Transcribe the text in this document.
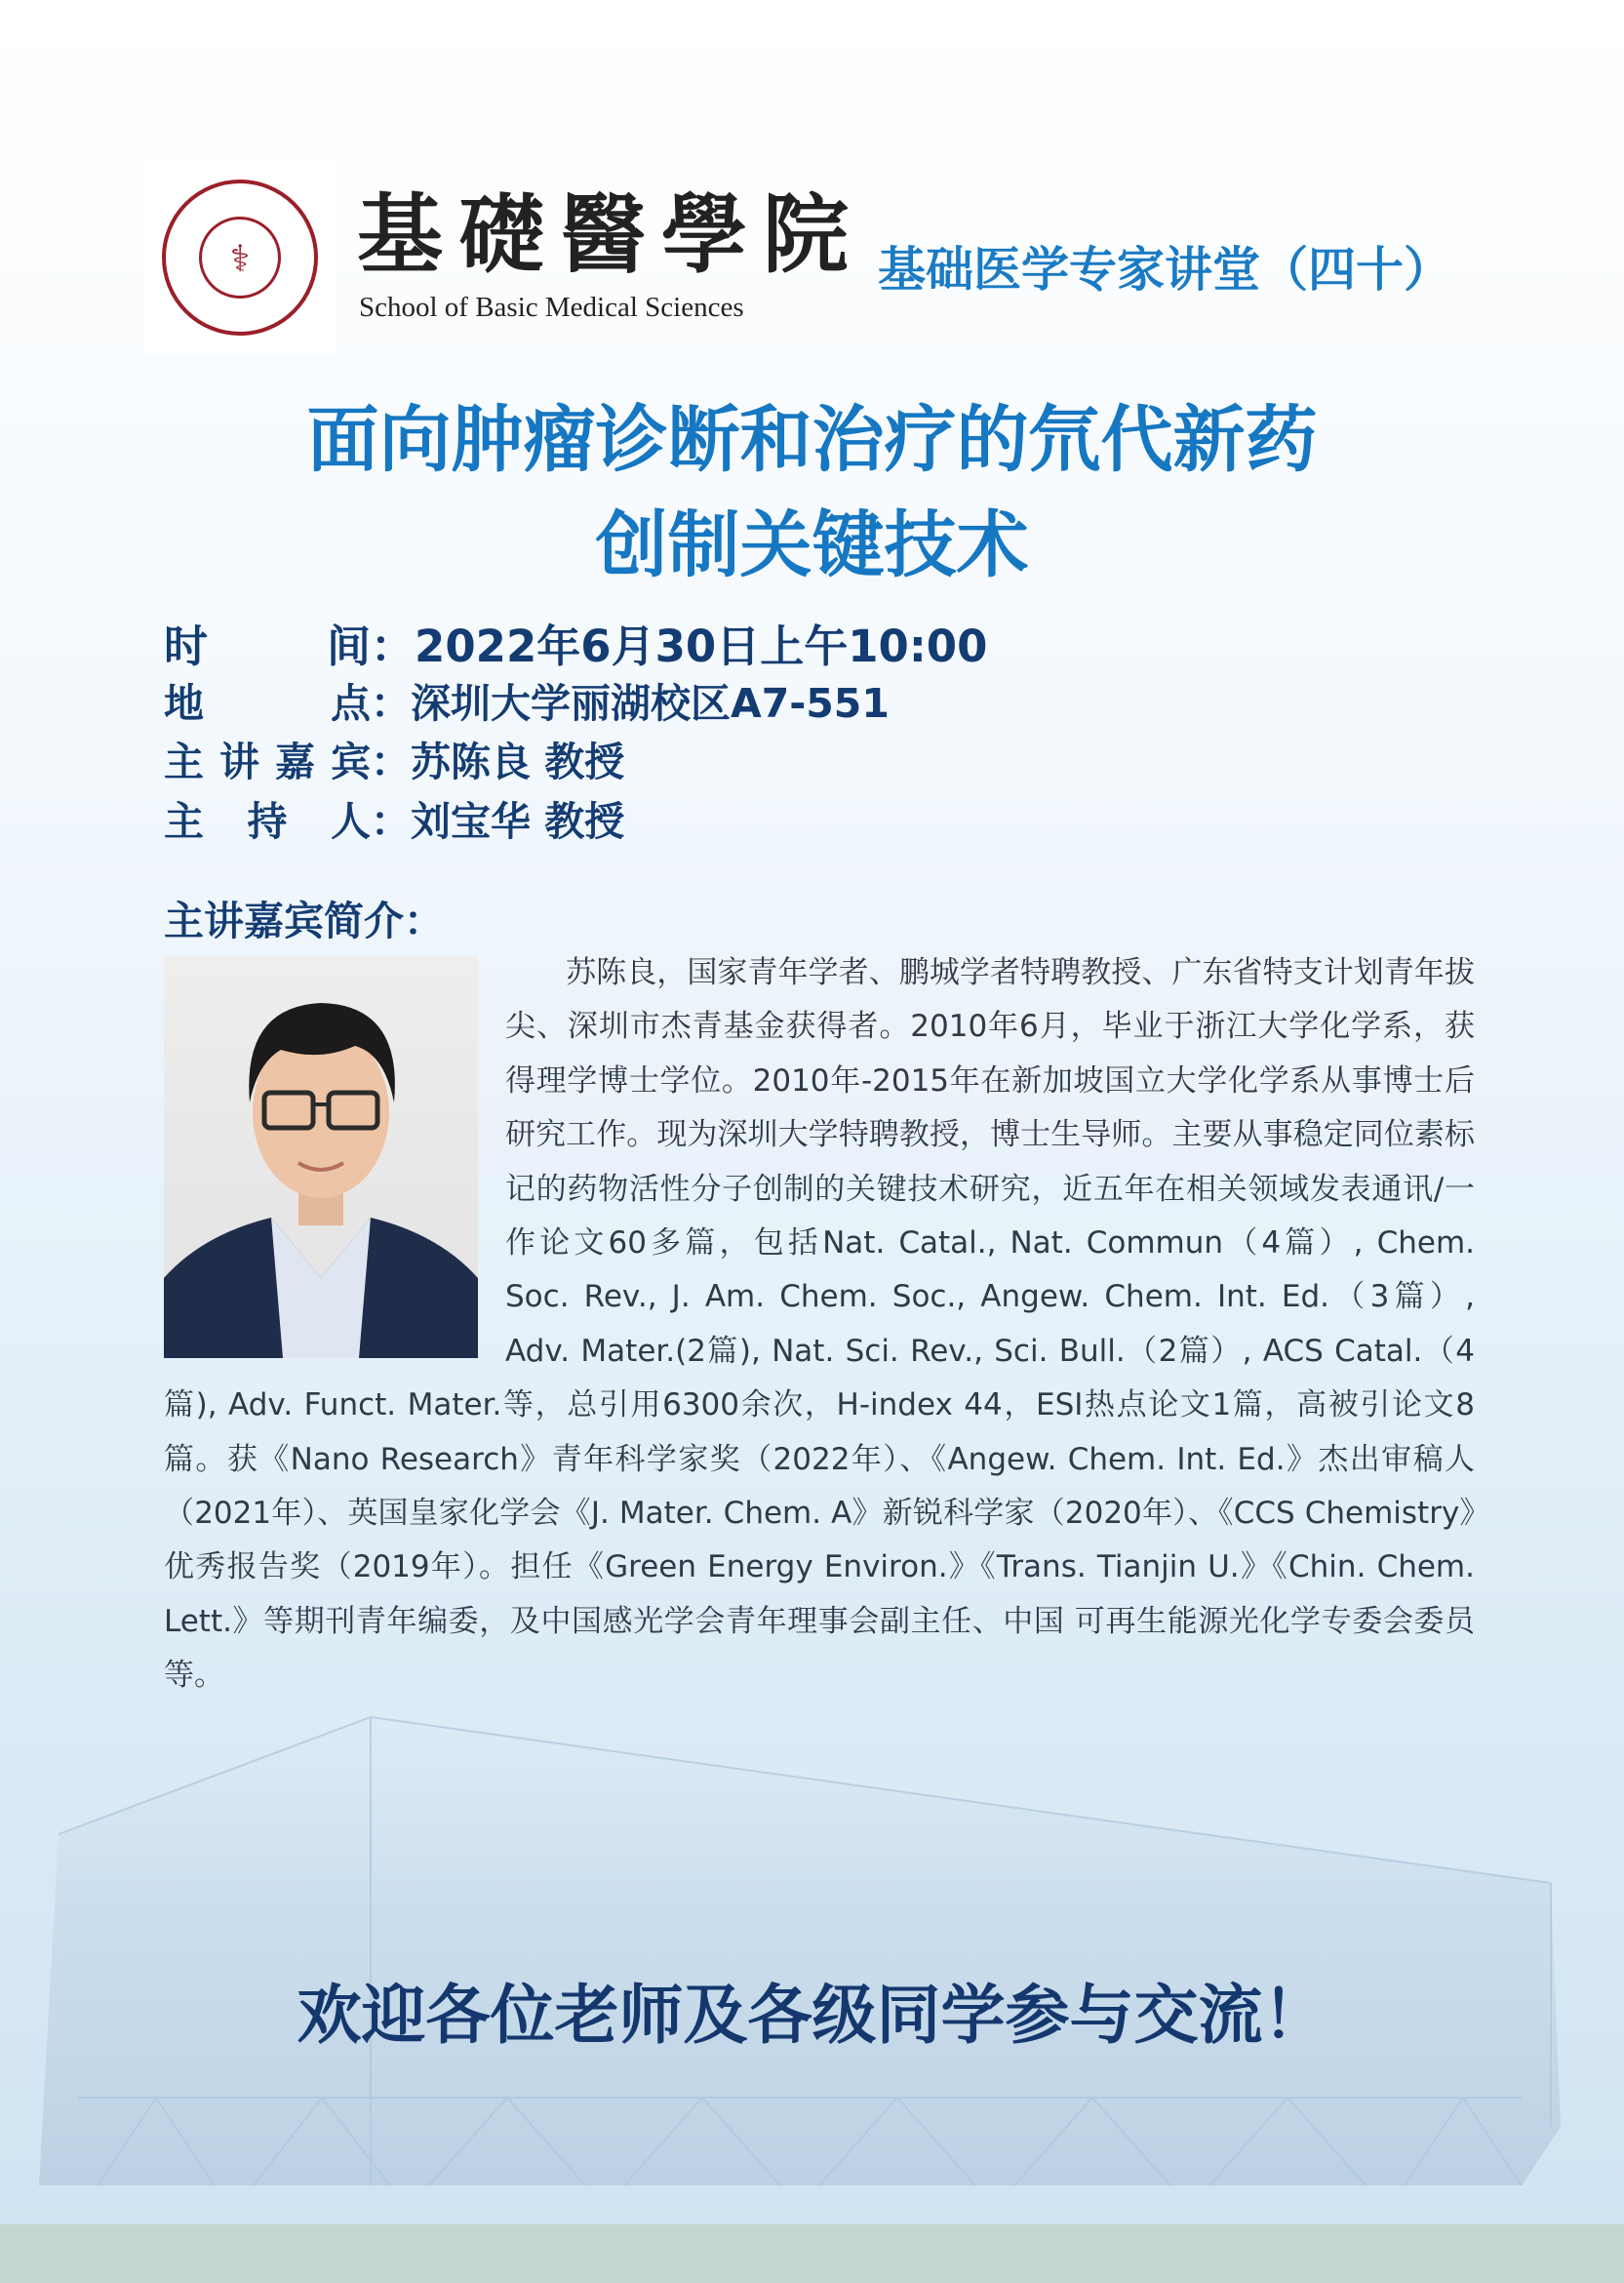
⚕	基礎醫學院
School of Basic Medical Sciences
基础医学专家讲堂（四十）
面向肿瘤诊断和治疗的氘代新药
创制关键技术
时间：2022年6月30日上午10:00
地点：深圳大学丽湖校区A7-551
主讲嘉宾：苏陈良 教授
主持人：刘宝华 教授
主讲嘉宾简介：
苏陈良，国家青年学者、鹏城学者特聘教授、广东省特支计划青年拔尖、深圳市杰青基金获得者。2010年6月，毕业于浙江大学化学系，获得理学博士学位。2010年-2015年在新加坡国立大学化学系从事博士后研究工作。现为深圳大学特聘教授，博士生导师。主要从事稳定同位素标记的药物活性分子创制的关键技术研究，近五年在相关领域发表通讯/一作论文60多篇，包括Nat. Catal., Nat. Commun（4篇）, Chem. Soc. Rev., J. Am. Chem. Soc., Angew. Chem. Int. Ed.（3篇）, Adv. Mater.(2篇), Nat. Sci. Rev., Sci. Bull.（2篇）, ACS Catal.（4篇), Adv. Funct. Mater.等，总引用6300余次，H-index 44，ESI热点论文1篇，高被引论文8篇。获《Nano Research》青年科学家奖（2022年）、《Angew. Chem. Int. Ed.》杰出审稿人（2021年）、英国皇家化学会《J. Mater. Chem. A》新锐科学家（2020年）、《CCS Chemistry》优秀报告奖（2019年）。担任《Green Energy Environ.》《Trans. Tianjin U.》《Chin. Chem. Lett.》等期刊青年编委，及中国感光学会青年理事会副主任、中国 可再生能源光化学专委会委员等。
欢迎各位老师及各级同学参与交流！
